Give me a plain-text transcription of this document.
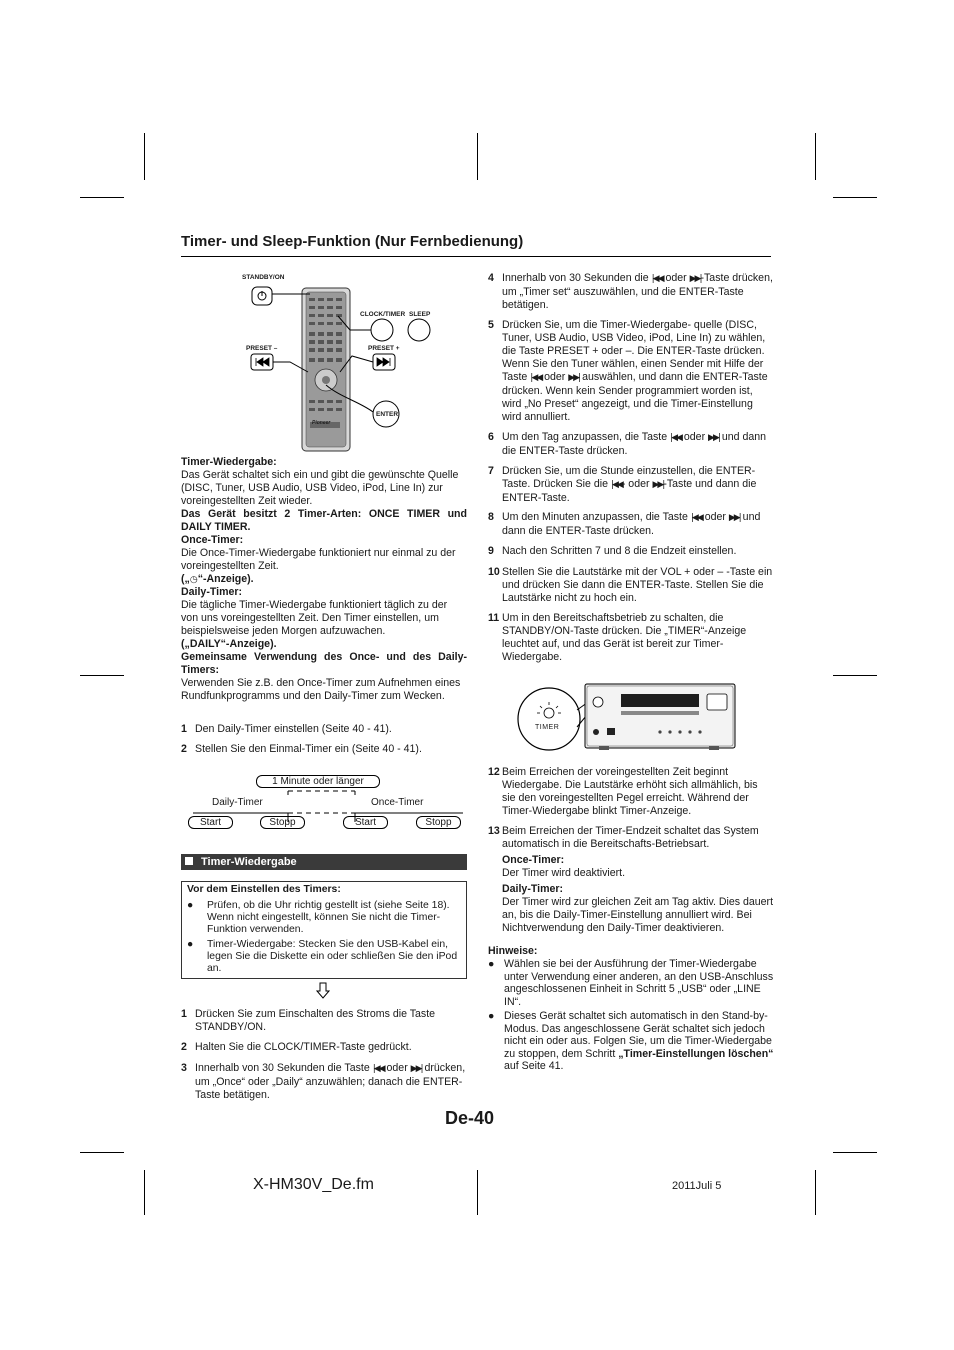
Timer- und Sleep-Funktion (Nur Fernbedienung)
STANDBY/ON
CLOCK/TIMER SLEEP
PRESET –	PRESET +
ENTER
Pioneer
Timer-Wiedergabe:
Das Gerät schaltet sich ein und gibt die gewünschte Quelle (DISC, Tuner, USB Audio, USB Video, iPod, Line In) zur voreingestellten Zeit wieder.
Das Gerät besitzt 2 Timer-Arten: ONCE TIMER und DAILY TIMER.
Once-Timer:
Die Once-Timer-Wiedergabe funktioniert nur einmal zu der voreingestellten Zeit.
(„◷“-Anzeige).
Daily-Timer:
Die tägliche Timer-Wiedergabe funktioniert täglich zu der von uns voreingestellten Zeit. Den Timer einstellen, um beispielsweise jeden Morgen aufzuwachen.
(„DAILY“-Anzeige).
Gemeinsame Verwendung des Once- und des Daily-Timers:
Verwenden Sie z.B. den Once-Timer zum Aufnehmen eines Rundfunkprogramms und den Daily-Timer zum Wecken.
1 Den Daily-Timer einstellen (Seite 40 - 41).
2 Stellen Sie den Einmal-Timer ein (Seite 40 - 41).
1 Minute oder länger
Daily-Timer	Once-Timer
Start	Stopp	Start	Stopp
Timer-Wiedergabe
Vor dem Einstellen des Timers:
● Prüfen, ob die Uhr richtig gestellt ist (siehe Seite 18). Wenn nicht eingestellt, können Sie nicht die Timer-Funktion verwenden.
● Timer-Wiedergabe: Stecken Sie den USB-Kabel ein, legen Sie die Diskette ein oder schließen Sie den iPod an.
1 Drücken Sie zum Einschalten des Stroms die Taste STANDBY/ON.
2 Halten Sie die CLOCK/TIMER-Taste gedrückt.
3 Innerhalb von 30 Sekunden die Taste |◀◀ oder ▶▶| drücken, um „Once“ oder „Daily“ anzuwählen; danach die ENTER-Taste betätigen.
4 Innerhalb von 30 Sekunden die |◀◀ oder ▶▶|-Taste drücken, um „Timer set“ auszuwählen, und die ENTER-Taste betätigen.
5 Drücken Sie, um die Timer-Wiedergabe- quelle (DISC, Tuner, USB Audio, USB Video, iPod, Line In) zu wählen, die Taste PRESET + oder –. Die ENTER-Taste drücken. Wenn Sie den Tuner wählen, einen Sender mit Hilfe der Taste |◀◀ oder ▶▶| auswählen, und dann die ENTER-Taste drücken. Wenn kein Sender programmiert worden ist, wird „No Preset“ angezeigt, und die Timer-Einstellung wird annulliert.
6 Um den Tag anzupassen, die Taste |◀◀ oder ▶▶| und dann die ENTER-Taste drücken.
7 Drücken Sie, um die Stunde einzustellen, die ENTER-Taste. Drücken Sie die |◀◀- oder ▶▶|-Taste und dann die ENTER-Taste.
8 Um den Minuten anzupassen, die Taste |◀◀ oder ▶▶| und dann die ENTER-Taste drücken.
9 Nach den Schritten 7 und 8 die Endzeit einstellen.
10 Stellen Sie die Lautstärke mit der VOL + oder – -Taste ein und drücken Sie dann die ENTER-Taste. Stellen Sie die Lautstärke nicht zu hoch ein.
11 Um in den Bereitschaftsbetrieb zu schalten, die STANDBY/ON-Taste drücken. Die „TIMER“-Anzeige leuchtet auf, und das Gerät ist bereit zur Timer-Wiedergabe.
TIMER
12 Beim Erreichen der voreingestellten Zeit beginnt Wiedergabe. Die Lautstärke erhöht sich allmählich, bis sie den voreingestellten Pegel erreicht. Während der Timer-Wiedergabe blinkt Timer-Anzeige.
13 Beim Erreichen der Timer-Endzeit schaltet das System automatisch in die Bereitschafts-Betriebsart.
Once-Timer:
Der Timer wird deaktiviert.
Daily-Timer:
Der Timer wird zur gleichen Zeit am Tag aktiv. Dies dauert an, bis die Daily-Timer-Einstellung annulliert wird. Bei Nichtverwendung den Daily-Timer deaktivieren.
Hinweise:
● Wählen sie bei der Ausführung der Timer-Wiedergabe unter Verwendung einer anderen, an den USB-Anschluss angeschlossenen Einheit in Schritt 5 „USB“ oder „LINE IN“.
● Dieses Gerät schaltet sich automatisch in den Stand-by-Modus. Das angeschlossene Gerät schaltet sich jedoch nicht ein oder aus. Folgen Sie, um die Timer-Wiedergabe zu stoppen, dem Schritt „Timer-Einstellungen löschen“ auf Seite 41.
De-40
X-HM30V_De.fm	2011Juli 5
